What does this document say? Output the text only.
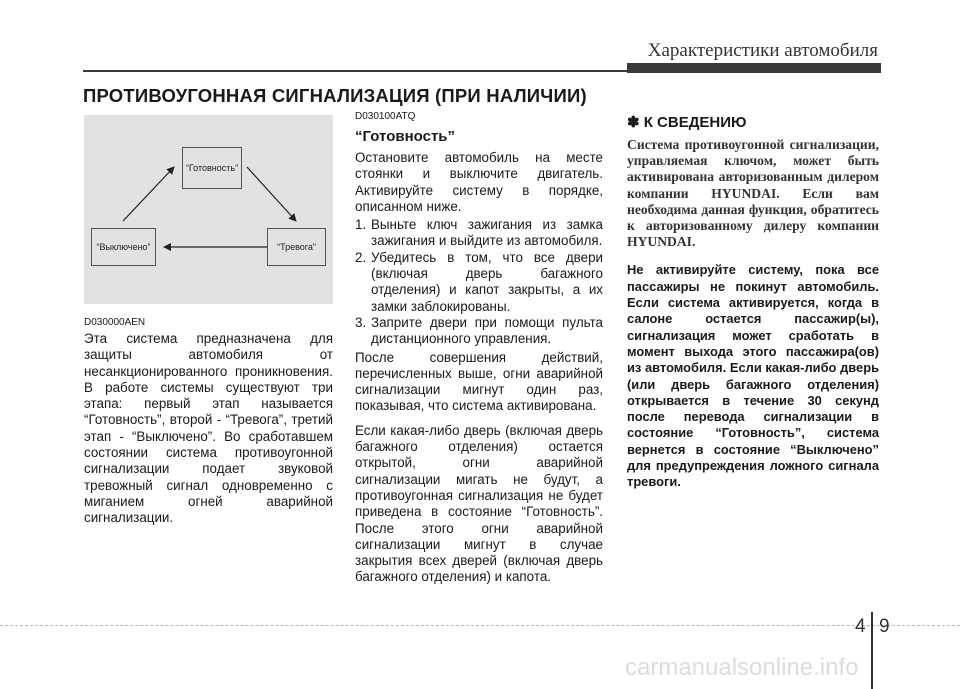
Характеристики автомобиля
ПРОТИВОУГОННАЯ СИГНАЛИЗАЦИЯ (ПРИ НАЛИЧИИ)
“Готовность”
“Выключено”	“Тревога”

D030000AEN

Эта система предназначена для защиты автомобиля от несанкционированного проникновения. В работе системы существуют три этапа: первый этап называется “Готовность”, второй - “Тревога”, третий этап - “Выключено”. Во сработавшем состоянии система противоугонной сигнализации подает звуковой тревожный сигнал одновременно с миганием огней аварийной сигнализации.

D030100ATQ

“Готовность”

Остановите автомобиль на месте стоянки и выключите двигатель. Активируйте систему в порядке, описанном ниже.

1. Выньте ключ зажигания из замка зажигания и выйдите из автомобиля.
2. Убедитесь в том, что все двери (включая дверь багажного отделения) и капот закрыты, а их замки заблокированы.
3. Заприте двери при помощи пульта дистанционного управления.

После совершения действий, перечисленных выше, огни аварийной сигнализации мигнут один раз, показывая, что система активирована.

Если какая-либо дверь (включая дверь багажного отделения) остается открытой, огни аварийной сигнализации мигать не будут, а противоугонная сигнализация не будет приведена в состояние “Готовность”. После этого огни аварийной сигнализации мигнут в случае закрытия всех дверей (включая дверь багажного отделения) и капота.

✽ К СВЕДЕНИЮ

Система противоугонной сигнализации, управляемая ключом, может быть активирована авторизованным дилером компании HYUNDAI. Если вам необходима данная функция, обратитесь к авторизованному дилеру компании HYUNDAI.

Не активируйте систему, пока все пассажиры не покинут автомобиль. Если система активируется, когда в салоне остается пассажир(ы), сигнализация может сработать в момент выхода этого пассажира(ов) из автомобиля. Если какая-либо дверь (или дверь багажного отделения) открывается в течение 30 секунд после перевода сигнализации в состояние “Готовность”, система вернется в состояние “Выключено” для предупреждения ложного сигнала тревоги.

4 9
carmanualsonline.info
